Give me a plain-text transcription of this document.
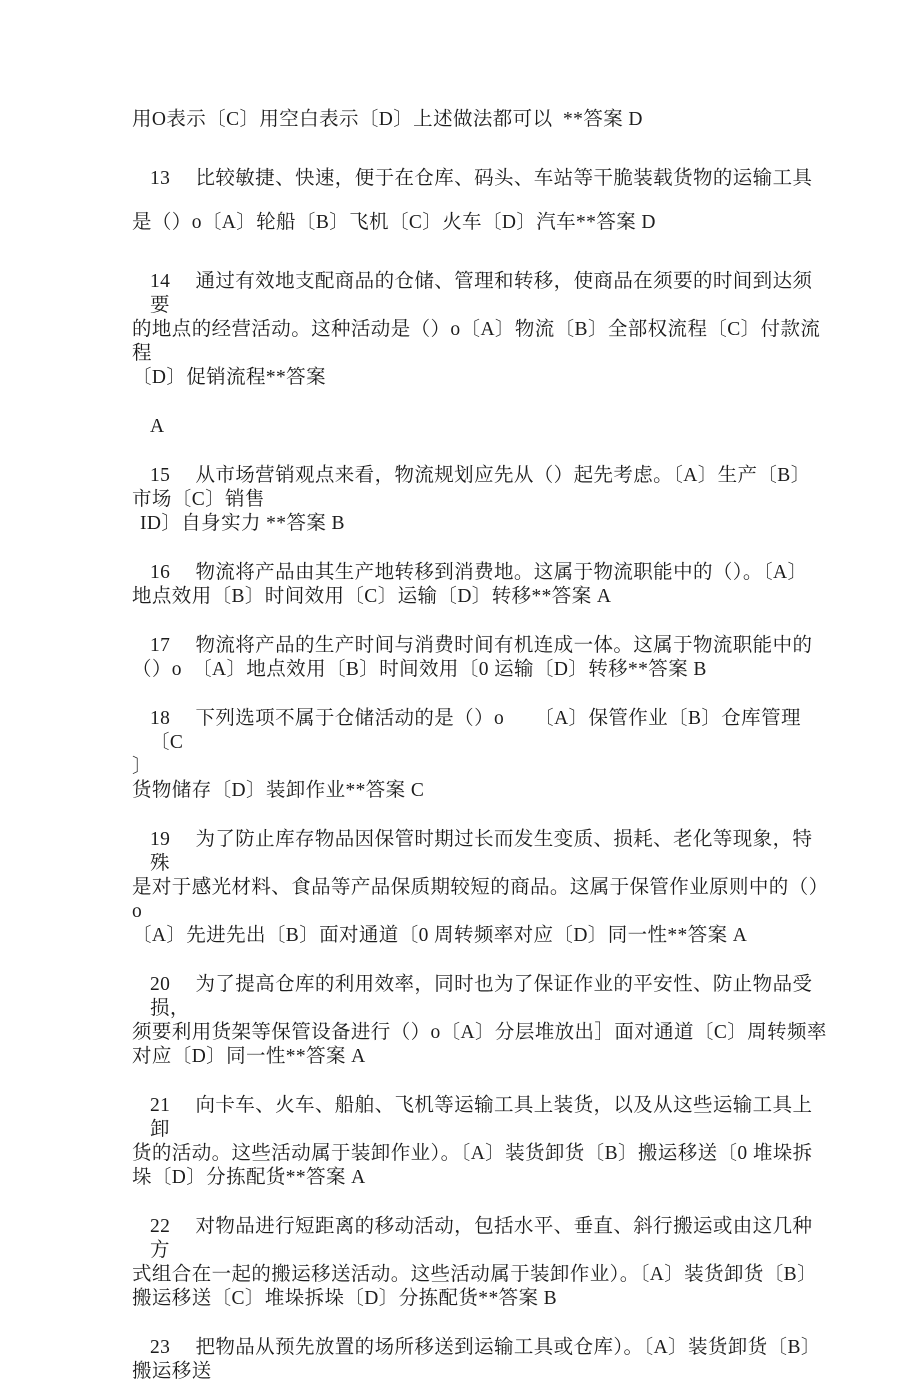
用O表示〔C〕用空白表示〔D〕上述做法都可以  **答案 D
13　 比较敏捷、快速，便于在仓库、码头、车站等干脆装载货物的运输工具
是（）o〔A〕轮船〔B〕飞机〔C〕火车〔D〕汽车**答案 D
14　 通过有效地支配商品的仓储、管理和转移，使商品在须要的时间到达须要
的地点的经营活动。这种活动是（）o〔A〕物流〔B〕全部权流程〔C〕付款流程
〔D〕促销流程**答案
A
15　 从市场营销观点来看，物流规划应先从（）起先考虑。〔A〕生产〔B〕
市场〔C〕销售
ID〕自身实力 **答案 B
16　 物流将产品由其生产地转移到消费地。这属于物流职能中的（）。〔A〕
地点效用〔B〕时间效用〔C〕运输〔D〕转移**答案 A
17　 物流将产品的生产时间与消费时间有机连成一体。这属于物流职能中的
（）o　〔A〕地点效用〔B〕时间效用〔0 运输〔D〕转移**答案 B
18　 下列选项不属于仓储活动的是（）o　　〔A〕保管作业〔B〕仓库管理〔C
〕
货物储存〔D〕装卸作业**答案 C
19　 为了防止库存物品因保管时期过长而发生变质、损耗、老化等现象，特殊
是对于感光材料、食品等产品保质期较短的商品。这属于保管作业原则中的（）o
〔A〕先进先出〔B〕面对通道〔0 周转频率对应〔D〕同一性**答案 A
20　 为了提高仓库的利用效率，同时也为了保证作业的平安性、防止物品受损，
须要利用货架等保管设备进行（）o〔A〕分层堆放出］面对通道〔C〕周转频率
对应〔D〕同一性**答案 A
21　 向卡车、火车、船舶、飞机等运输工具上装货，以及从这些运输工具上卸
货的活动。这些活动属于装卸作业）。〔A〕装货卸货〔B〕搬运移送〔0 堆垛拆
垛〔D〕分拣配货**答案 A
22　 对物品进行短距离的移动活动，包括水平、垂直、斜行搬运或由这几种方
式组合在一起的搬运移送活动。这些活动属于装卸作业）。〔A〕装货卸货〔B〕
搬运移送〔C〕堆垛拆垛〔D〕分拣配货**答案 B
23　 把物品从预先放置的场所移送到运输工具或仓库）。〔A〕装货卸货〔B〕
搬运移送
